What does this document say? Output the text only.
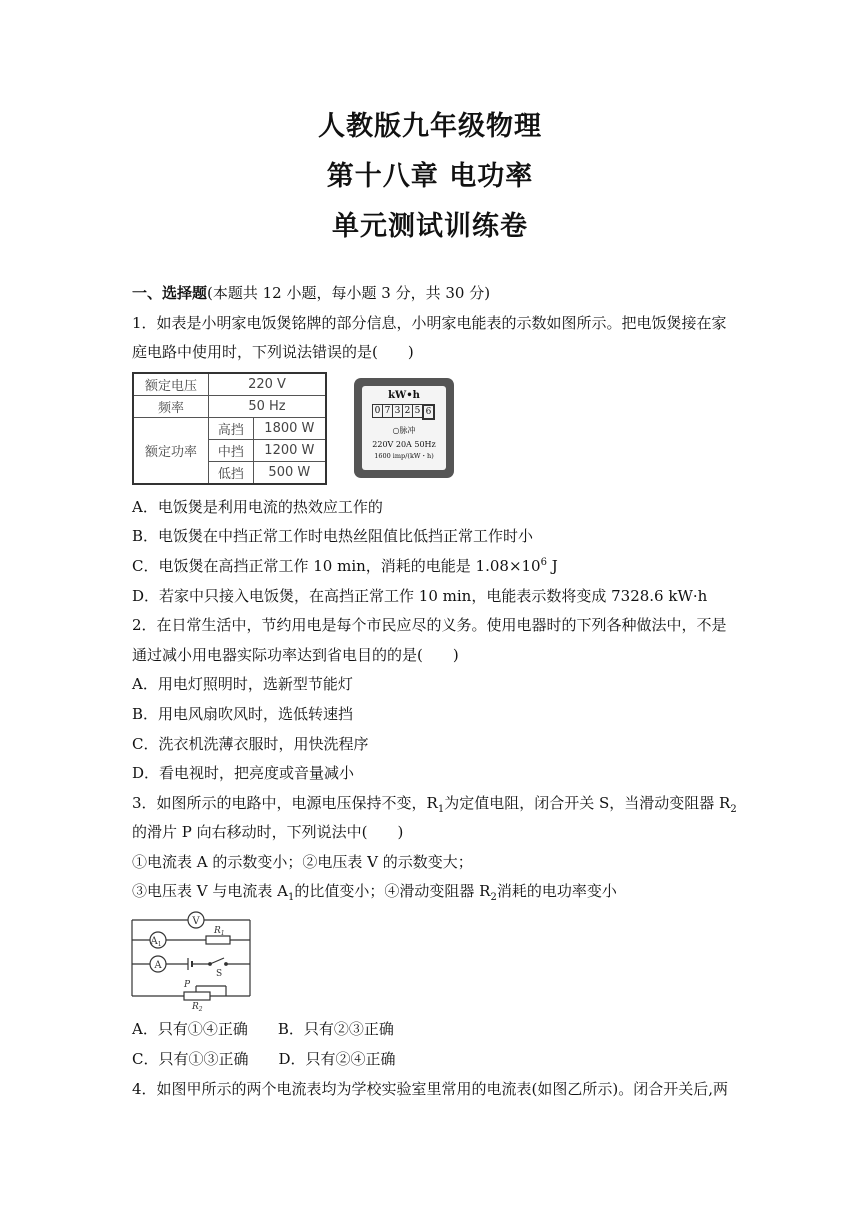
人教版九年级物理
第十八章 电功率
单元测试训练卷
一、选择题(本题共 12 小题，每小题 3 分，共 30 分)
1．如表是小明家电饭煲铭牌的部分信息，小明家电能表的示数如图所示。把电饭煲接在家
庭电路中使用时，下列说法错误的是(　　)
额定电压	220 V	
频率	50 Hz	
额定功率	高挡	1800 W
	中挡	1200 W
	低挡	500 W
kW•h
0 7 3 2 5 6
○脉冲
220V 20A 50Hz
1600 imp/(kW・h)
A．电饭煲是利用电流的热效应工作的
B．电饭煲在中挡正常工作时电热丝阻值比低挡正常工作时小
C．电饭煲在高挡正常工作 10 min，消耗的电能是 $1.08\times 10^6$ J
D．若家中只接入电饭煲，在高挡正常工作 10 min，电能表示数将变成 7328.6 kW·h
2．在日常生活中，节约用电是每个市民应尽的义务。使用电器时的下列各种做法中，不是
通过减小用电器实际功率达到省电目的的是(　　)
A．用电灯照明时，选新型节能灯
B．用电风扇吹风时，选低转速挡
C．洗衣机洗薄衣服时，用快洗程序
D．看电视时，把亮度或音量减小
3．如图所示的电路中，电源电压保持不变，$R_1$为定值电阻，闭合开关 S，当滑动变阻器 $R_2$
的滑片 P 向右移动时，下列说法中(　　)
①电流表 A 的示数变小；②电压表 V 的示数变大；
③电压表 V 与电流表 $A_1$的比值变小；④滑动变阻器 $R_2$消耗的电功率变小
V
$A_1$
$R_1$
A
S
P
$R_2$
A．只有①④正确　　B．只有②③正确
C．只有①③正确　　D．只有②④正确
4．如图甲所示的两个电流表均为学校实验室里常用的电流表(如图乙所示)。闭合开关后,两
